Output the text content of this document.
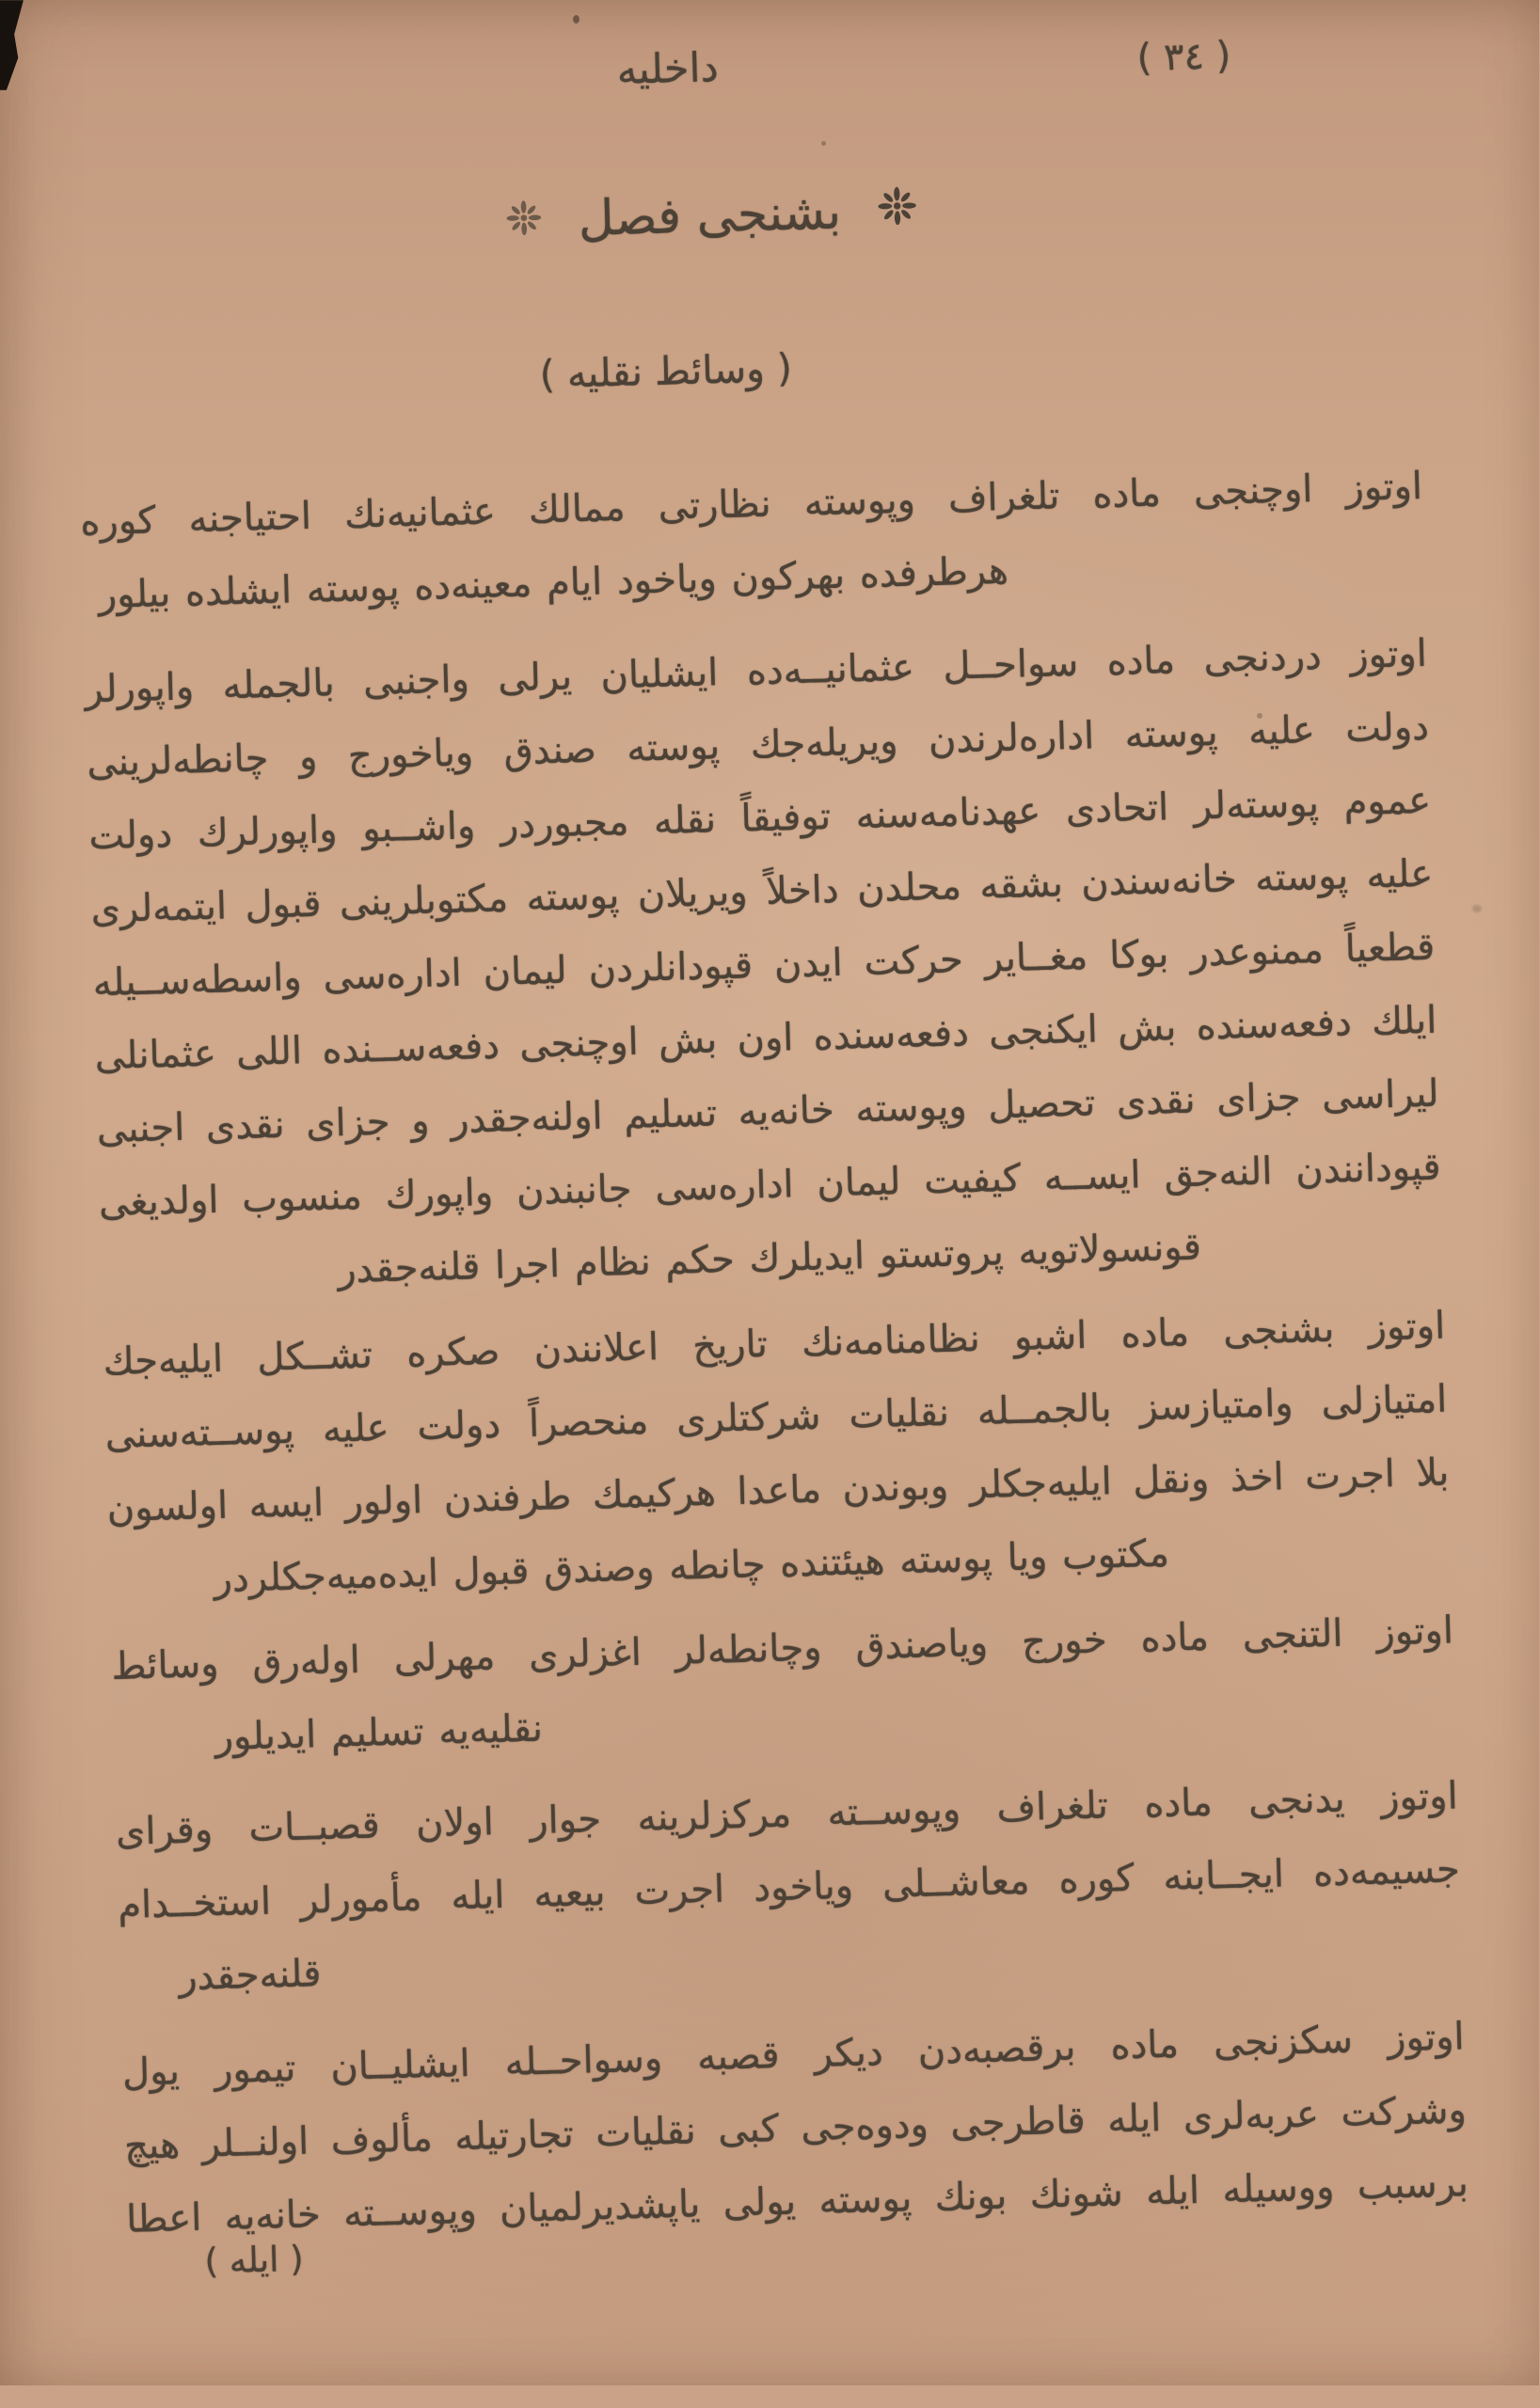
داخليه	( ٣٤ )
بشنجى فصل
( وسائط نقليه )
اوتوز اوچنجى ماده تلغراف وپوسته نظارتى ممالك عثمانيه‌نك احتياجنه كوره
هرطرفده بهركون وياخود ايام معينه‌ده پوسته ايشلده بيلور
اوتوز دردنجى ماده سواحــل عثمانيــه‌ده ايشليان يرلى واجنبى بالجمله واپورلر
دولت عليه پوسته اداره‌لرندن ويريله‌جك پوسته صندق وياخورج و چانطه‌لرينى
عموم پوسته‌لر اتحادى عهدنامه‌سنه توفيقاً نقله مجبوردر واشــبو واپورلرك دولت
عليه پوسته خانه‌سندن بشقه محلدن داخلاً ويريلان پوسته مكتوبلرينى قبول ايتمه‌لرى
قطعياً ممنوعدر بوكا مغــاير حركت ايدن قپودانلردن ليمان اداره‌سى واسطه‌ســيله
ايلك دفعه‌سنده بش ايكنجى دفعه‌سنده اون بش اوچنجى دفعه‌ســنده اللى عثمانلى
ليراسى جزاى نقدى تحصيل وپوسته خانه‌يه تسليم اولنه‌جقدر و جزاى نقدى اجنبى
قپودانندن النه‌جق ايســه كيفيت ليمان اداره‌سى جانبندن واپورك منسوب اولديغى
قونسولاتويه پروتستو ايديلرك حكم نظام اجرا قلنه‌جقدر
اوتوز بشنجى ماده اشبو نظامنامه‌نك تاريخ اعلانندن صكره تشــكل ايليه‌جك
امتيازلى وامتيازسز بالجمــله نقليات شركتلرى منحصراً دولت عليه پوســته‌سنى
بلا اجرت اخذ ونقل ايليه‌جكلر وبوندن ماعدا هركيمك طرفندن اولور ايسه اولسون
مكتوب ويا پوسته هيئتنده چانطه وصندق قبول ايده‌ميه‌جكلردر
اوتوز التنجى ماده خورج وياصندق وچانطه‌لر اغزلرى مهرلى اوله‌رق وسائط
نقليه‌يه تسليم ايديلور
اوتوز يدنجى ماده تلغراف وپوســته مركزلرينه جوار اولان قصبــات وقراى
جسيمه‌ده ايجــابنه كوره معاشــلى وياخود اجرت بيعيه ايله مأمورلر استخــدام
قلنه‌جقدر
اوتوز سكزنجى ماده برقصبه‌دن ديكر قصبه وسواحــله ايشليــان تيمور يول
وشركت عربه‌لرى ايله قاطرجى ودوه‌جى كبى نقليات تجارتيله مألوف اولنــلر هيچ
برسبب ووسيله ايله شونك بونك پوسته يولى ياپشديرلميان وپوســته خانه‌يه اعطا
( ايله )
